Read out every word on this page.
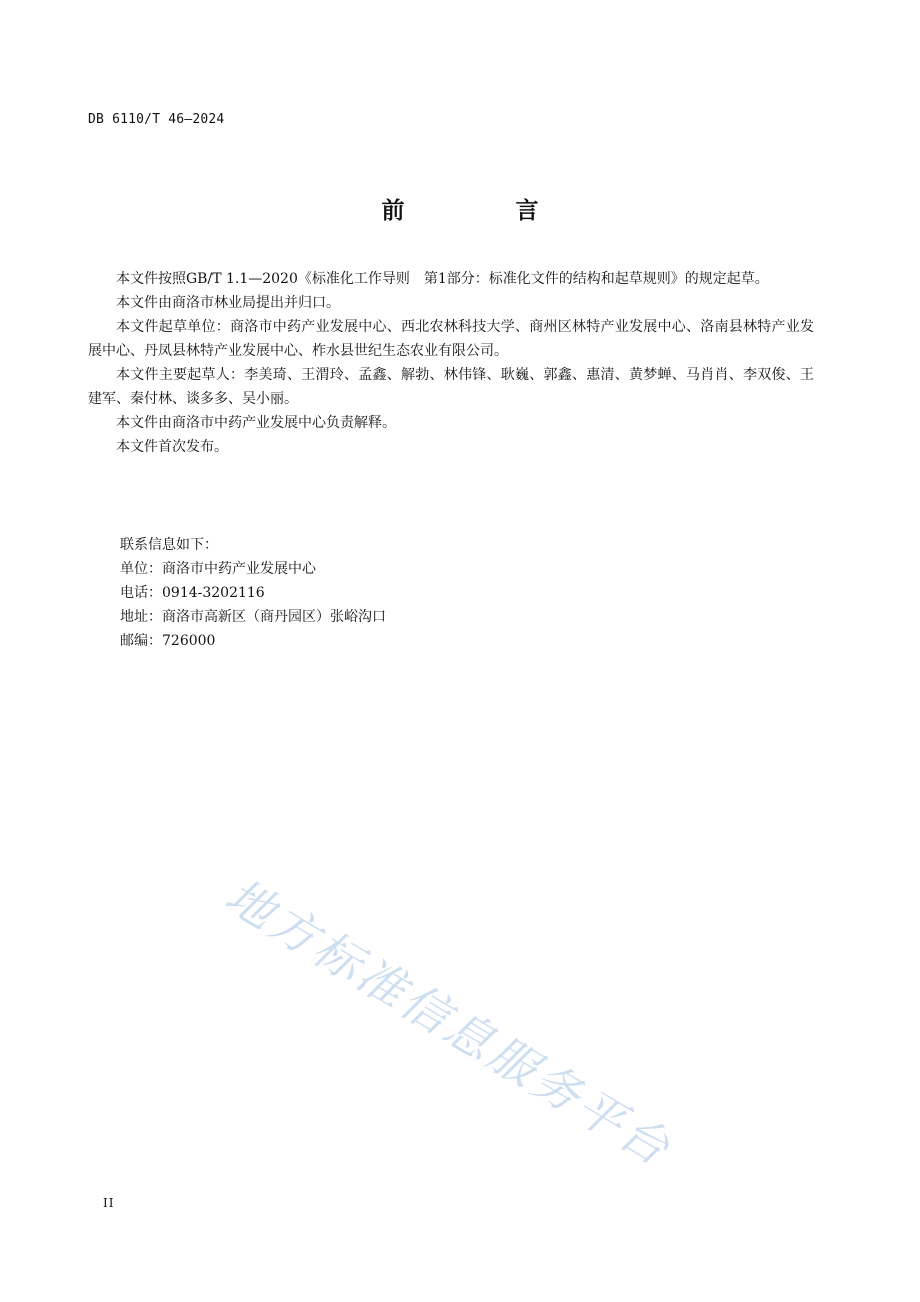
DB 6110/T 46—2024
前　言

本文件按照GB/T 1.1—2020《标准化工作导则　第1部分：标准化文件的结构和起草规则》的规定起草。

本文件由商洛市林业局提出并归口。

本文件起草单位：商洛市中药产业发展中心、西北农林科技大学、商州区林特产业发展中心、洛南县林特产业发展中心、丹凤县林特产业发展中心、柞水县世纪生态农业有限公司。

本文件主要起草人：李美琦、王渭玲、孟鑫、解勃、林伟锋、耿巍、郭鑫、惠清、黄梦蝉、马肖肖、李双俊、王建军、秦付林、谈多多、吴小丽。

本文件由商洛市中药产业发展中心负责解释。

本文件首次发布。

联系信息如下：
单位：商洛市中药产业发展中心
电话：0914-3202116
地址：商洛市高新区（商丹园区）张峪沟口
邮编：726000
地方标准信息服务平台
II
